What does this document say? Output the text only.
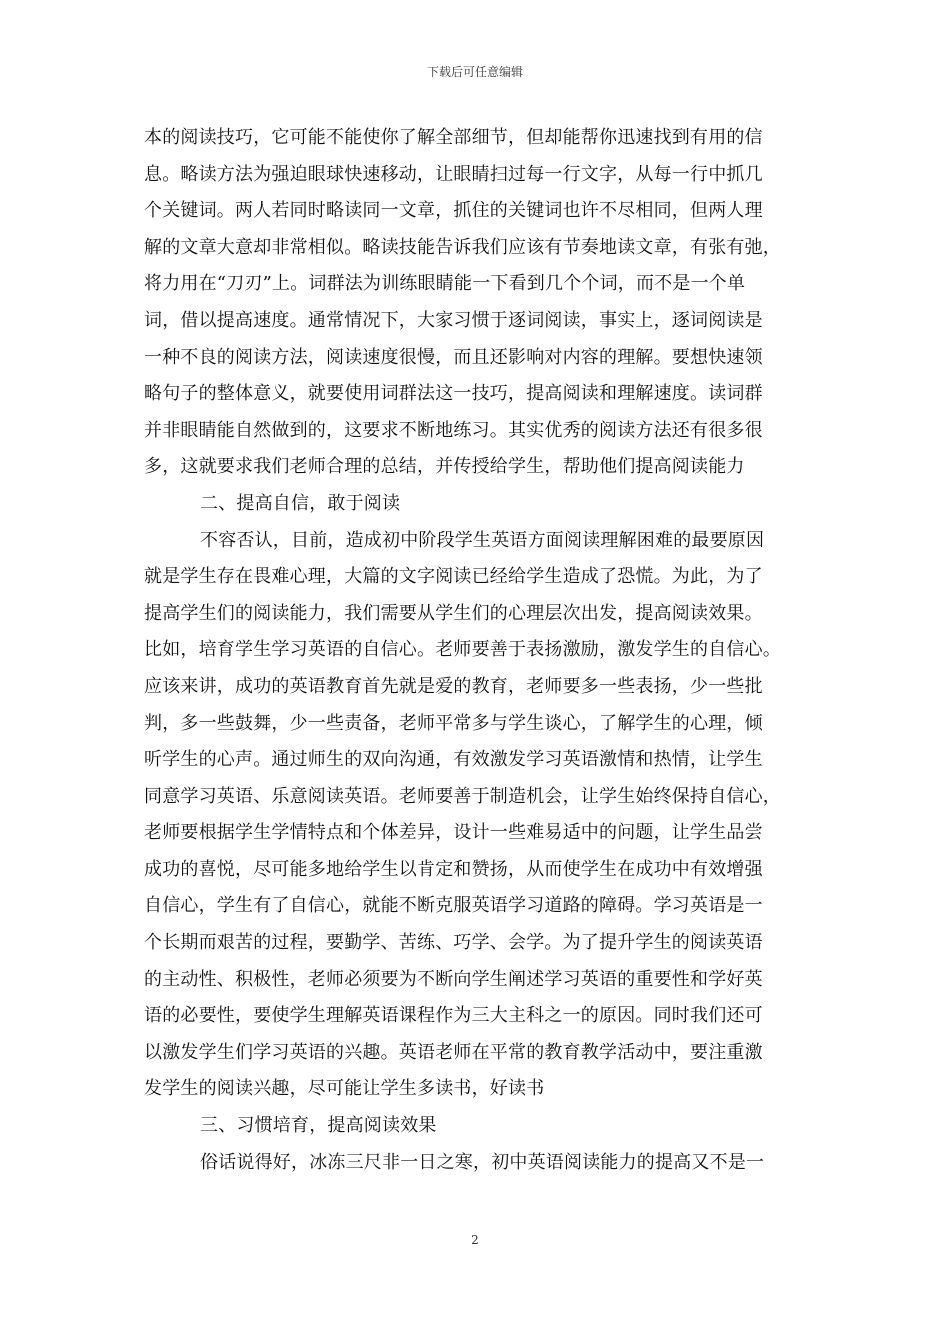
下载后可任意编辑
本的阅读技巧，它可能不能使你了解全部细节，但却能帮你迅速找到有用的信
息。略读方法为强迫眼球快速移动，让眼睛扫过每一行文字，从每一行中抓几
个关键词。两人若同时略读同一文章，抓住的关键词也许不尽相同，但两人理
解的文章大意却非常相似。略读技能告诉我们应该有节奏地读文章，有张有弛，
将力用在“刀刃”上。词群法为训练眼睛能一下看到几个个词，而不是一个单
词，借以提高速度。通常情况下，大家习惯于逐词阅读，事实上，逐词阅读是
一种不良的阅读方法，阅读速度很慢，而且还影响对内容的理解。要想快速领
略句子的整体意义，就要使用词群法这一技巧，提高阅读和理解速度。读词群
并非眼睛能自然做到的，这要求不断地练习。其实优秀的阅读方法还有很多很
多，这就要求我们老师合理的总结，并传授给学生，帮助他们提高阅读能力
二、提高自信，敢于阅读
不容否认，目前，造成初中阶段学生英语方面阅读理解困难的最要原因
就是学生存在畏难心理，大篇的文字阅读已经给学生造成了恐慌。为此，为了
提高学生们的阅读能力，我们需要从学生们的心理层次出发，提高阅读效果。
比如，培育学生学习英语的自信心。老师要善于表扬激励，激发学生的自信心。
应该来讲，成功的英语教育首先就是爱的教育，老师要多一些表扬，少一些批
判，多一些鼓舞，少一些责备，老师平常多与学生谈心，了解学生的心理，倾
听学生的心声。通过师生的双向沟通，有效激发学习英语激情和热情，让学生
同意学习英语、乐意阅读英语。老师要善于制造机会，让学生始终保持自信心，
老师要根据学生学情特点和个体差异，设计一些难易适中的问题，让学生品尝
成功的喜悦，尽可能多地给学生以肯定和赞扬，从而使学生在成功中有效增强
自信心，学生有了自信心，就能不断克服英语学习道路的障碍。学习英语是一
个长期而艰苦的过程，要勤学、苦练、巧学、会学。为了提升学生的阅读英语
的主动性、积极性，老师必须要为不断向学生阐述学习英语的重要性和学好英
语的必要性，要使学生理解英语课程作为三大主科之一的原因。同时我们还可
以激发学生们学习英语的兴趣。英语老师在平常的教育教学活动中，要注重激
发学生的阅读兴趣，尽可能让学生多读书，好读书
三、习惯培育，提高阅读效果
俗话说得好，冰冻三尺非一日之寒，初中英语阅读能力的提高又不是一
2
